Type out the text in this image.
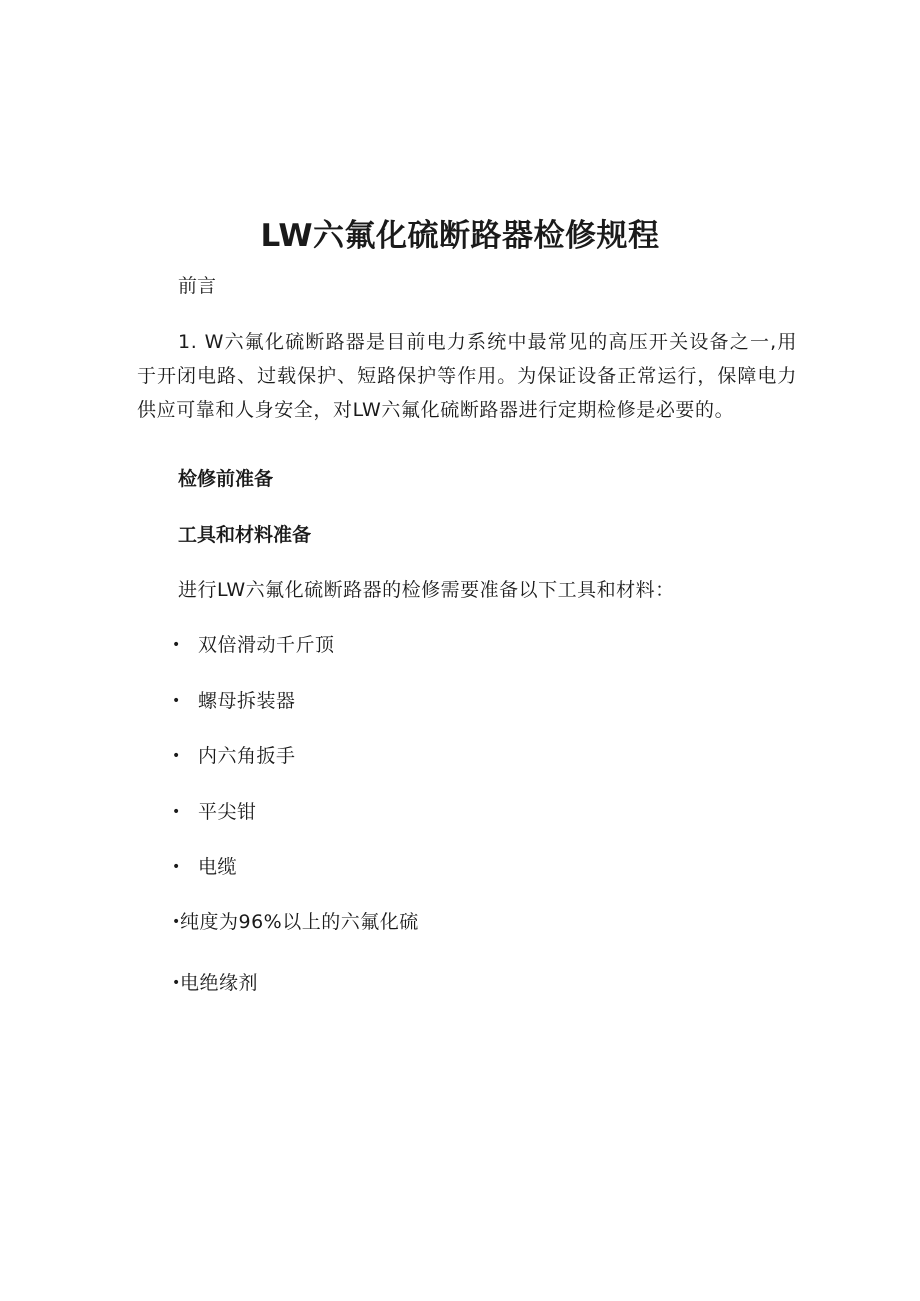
LW六氟化硫断路器检修规程
前言
1. W六氟化硫断路器是目前电力系统中最常见的高压开关设备之一,用于开闭电路、过载保护、短路保护等作用。为保证设备正常运行，保障电力供应可靠和人身安全，对LW六氟化硫断路器进行定期检修是必要的。
检修前准备
工具和材料准备
进行LW六氟化硫断路器的检修需要准备以下工具和材料：
• 双倍滑动千斤顶
• 螺母拆装器
• 内六角扳手
• 平尖钳
• 电缆
•纯度为96%以上的六氟化硫
•电绝缘剂
